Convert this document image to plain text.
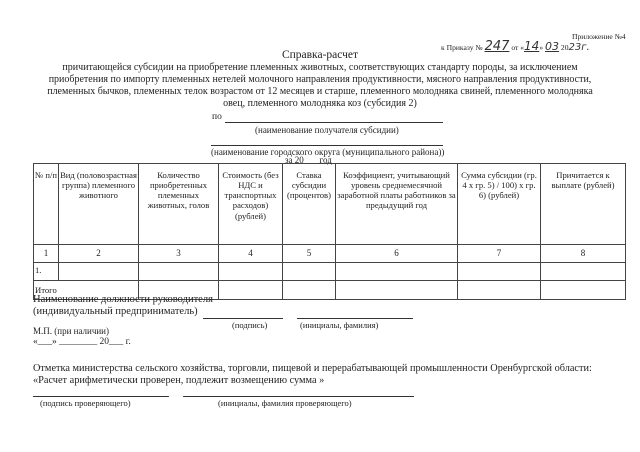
к Приказу № 247 от «14» 03 2023г.
Приложение №4
Справка-расчет
причитающейся субсидии на приобретение племенных животных, соответствующих стандарту породы, за исключением
приобретения по импорту племенных нетелей молочного направления продуктивности, мясного направления продуктивности,
племенных бычков, племенных телок возрастом от 12 месяцев и старше, племенного молодняка свиней, племенного молодняка
овец, племенного молодняка коз (субсидия 2)
по
(наименование получателя субсидии)
(наименование городского округа (муниципального района))
за 20___ год
№ п/п	Вид (половозрастная группа) племенного животного	Количество приобретенных племенных животных, голов	Стоимость (без НДС и транспортных расходов) (рублей)	Ставка субсидии (процентов)	Коэффициент, учитывающий уровень среднемесячной заработной платы работников за предыдущий год	Сумма субсидии (гр. 4 х гр. 5) / 100) х гр. 6) (рублей)	Причитается к выплате (рублей)
1	2	3	4	5	6	7	8
1.							
Итого							
Наименование должности руководителя
(индивидуальный предприниматель)
(подпись)	(инициалы, фамилия)
М.П. (при наличии)
«___» ________ 20___ г.
Отметка министерства сельского хозяйства, торговли, пищевой и перерабатывающей промышленности Оренбургской области:
«Расчет арифметически проверен, подлежит возмещению сумма »
(подпись проверяющего)	(инициалы, фамилия проверяющего)
